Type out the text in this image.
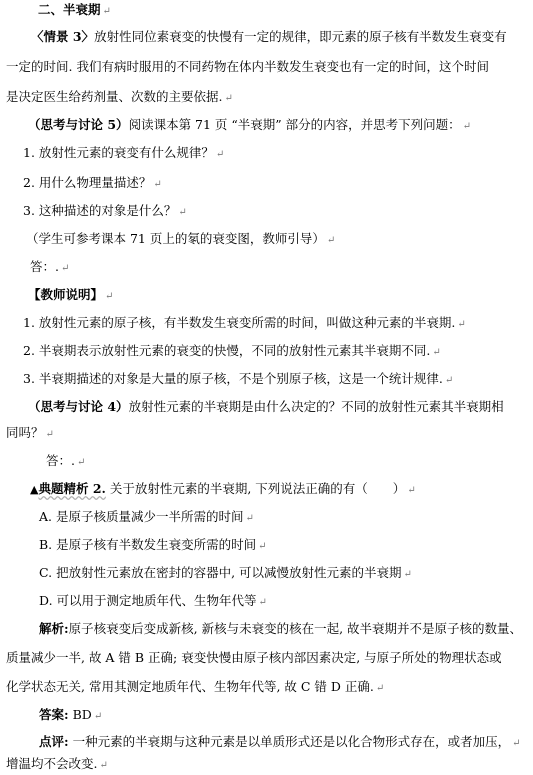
二、半衰期 ↵
〈情景 3〉放射性同位素衰变的快慢有一定的规律，即元素的原子核有半数发生衰变有
一定的时间. 我们有病时服用的不同药物在体内半数发生衰变也有一定的时间，这个时间
是决定医生给药剂量、次数的主要依据. ↵
（思考与讨论 5）阅读课本第 71 页 “半衰期” 部分的内容，并思考下列问题： ↵
1. 放射性元素的衰变有什么规律？ ↵
2. 用什么物理量描述？ ↵
3. 这种描述的对象是什么？ ↵
（学生可参考课本 71 页上的氡的衰变图，教师引导） ↵
答：. ↵
【教师说明】 ↵
1. 放射性元素的原子核，有半数发生衰变所需的时间，叫做这种元素的半衰期. ↵
2. 半衰期表示放射性元素的衰变的快慢，不同的放射性元素其半衰期不同. ↵
3. 半衰期描述的对象是大量的原子核，不是个别原子核，这是一个统计规律. ↵
（思考与讨论 4）放射性元素的半衰期是由什么决定的？不同的放射性元素其半衰期相
同吗？ ↵
答：. ↵
▲典题精析 2. 关于放射性元素的半衰期, 下列说法正确的有（　　） ↵
A. 是原子核质量减少一半所需的时间 ↵
B. 是原子核有半数发生衰变所需的时间 ↵
C. 把放射性元素放在密封的容器中, 可以减慢放射性元素的半衰期 ↵
D. 可以用于测定地质年代、生物年代等 ↵
解析:原子核衰变后变成新核, 新核与未衰变的核在一起, 故半衰期并不是原子核的数量、
质量减少一半, 故 A 错 B 正确; 衰变快慢由原子核内部因素决定, 与原子所处的物理状态或
化学状态无关, 常用其测定地质年代、生物年代等, 故 C 错 D 正确. ↵
答案: BD ↵
点评: 一种元素的半衰期与这种元素是以单质形式还是以化合物形式存在，或者加压， ↵
增温均不会改变. ↵
